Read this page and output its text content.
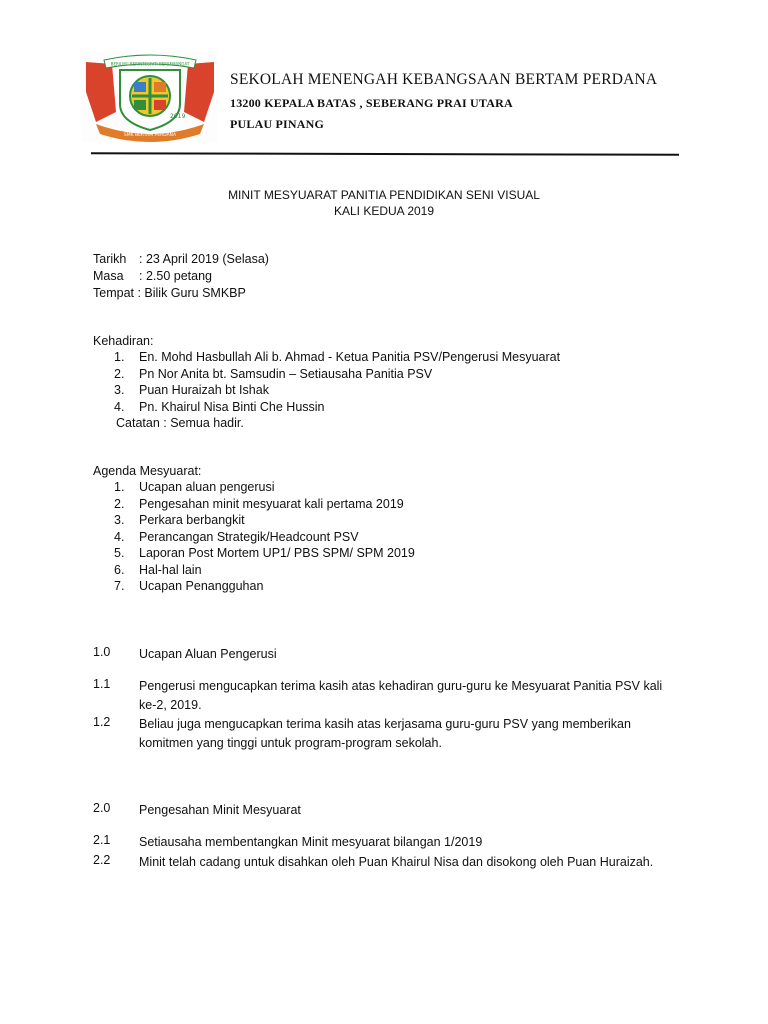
BERILMU BERINTEGRITI BERSEMANGAT
2019
SMK BERTAM PERDANA
SEKOLAH MENENGAH KEBANGSAAN BERTAM PERDANA
13200 KEPALA BATAS , SEBERANG PRAI UTARA
PULAU PINANG
MINIT MESYUARAT PANITIA PENDIDIKAN SENI VISUAL
KALI KEDUA 2019
Tarikh : 23 April 2019 (Selasa)
Masa : 2.50 petang
Tempat : Bilik Guru SMKBP
Kehadiran:
1. En. Mohd Hasbullah Ali b. Ahmad - Ketua Panitia PSV/Pengerusi Mesyuarat
2. Pn Nor Anita bt. Samsudin – Setiausaha Panitia PSV
3. Puan Huraizah bt Ishak
4. Pn. Khairul Nisa Binti Che Hussin
Catatan : Semua hadir.
Agenda Mesyuarat:
1. Ucapan aluan pengerusi
2. Pengesahan minit mesyuarat kali pertama 2019
3. Perkara berbangkit
4. Perancangan Strategik/Headcount PSV
5. Laporan Post Mortem UP1/ PBS SPM/ SPM 2019
6. Hal-hal lain
7. Ucapan Penangguhan
1.0 Ucapan Aluan Pengerusi
1.1 Pengerusi mengucapkan terima kasih atas kehadiran guru-guru ke Mesyuarat Panitia PSV kali ke-2, 2019.
1.2 Beliau juga mengucapkan terima kasih atas kerjasama guru-guru PSV yang memberikan komitmen yang tinggi untuk program-program sekolah.
2.0 Pengesahan Minit Mesyuarat
2.1 Setiausaha membentangkan Minit mesyuarat bilangan 1/2019
2.2 Minit telah cadang untuk disahkan oleh Puan Khairul Nisa dan disokong oleh Puan Huraizah.
